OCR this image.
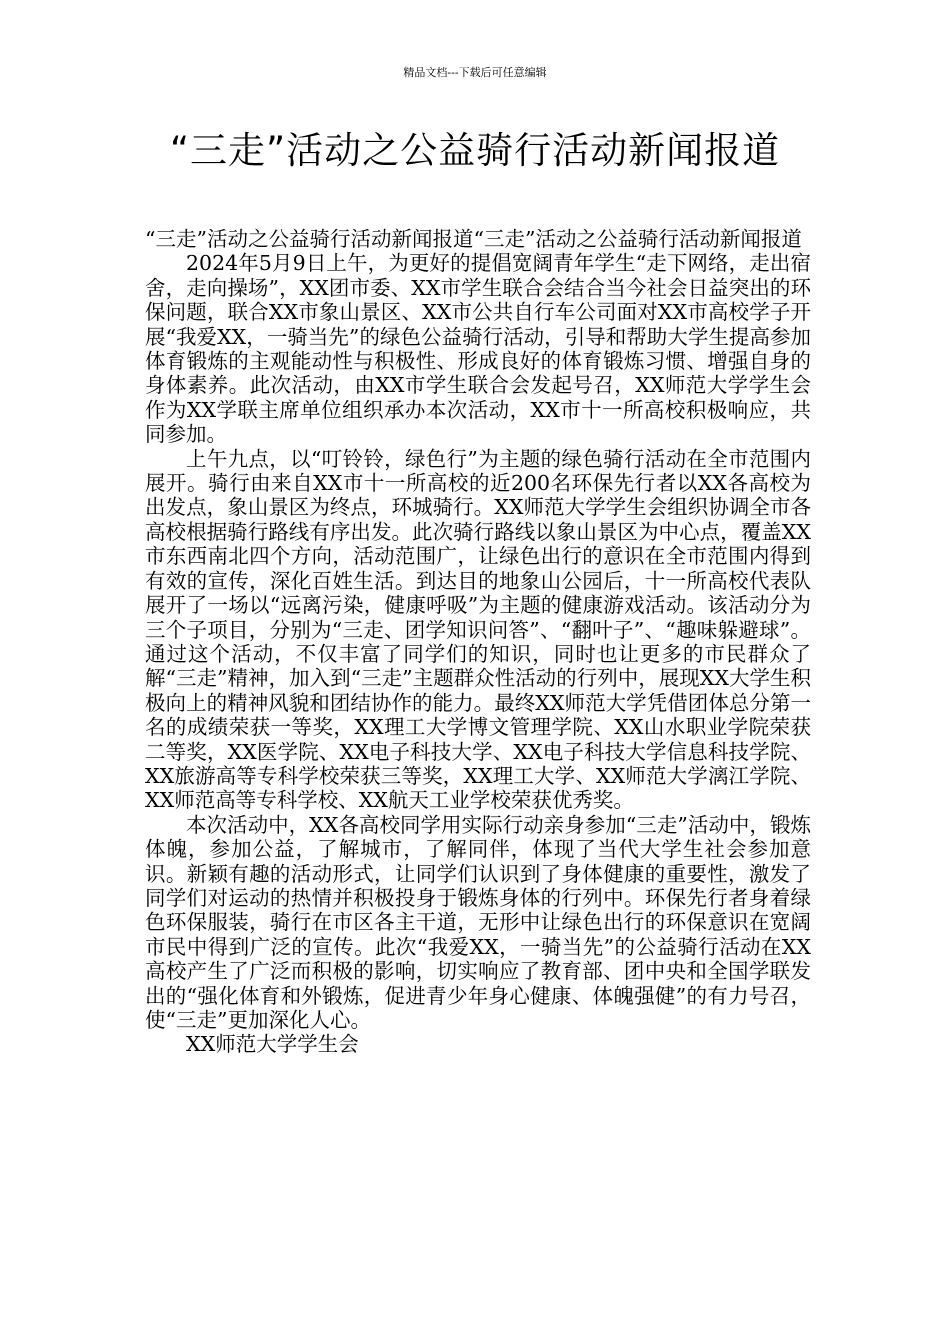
精品文档---下载后可任意编辑
“三走”活动之公益骑行活动新闻报道

“三走”活动之公益骑行活动新闻报道“三走”活动之公益骑行活动新闻报道

2024年5月9日上午，为更好的提倡宽阔青年学生“走下网络，走出宿舍，走向操场”，XX团市委、XX市学生联合会结合当今社会日益突出的环保问题，联合XX市象山景区、XX市公共自行车公司面对XX市高校学子开展“我爱XX，一骑当先”的绿色公益骑行活动，引导和帮助大学生提高参加体育锻炼的主观能动性与积极性、形成良好的体育锻炼习惯、增强自身的身体素养。此次活动，由XX市学生联合会发起号召，XX师范大学学生会作为XX学联主席单位组织承办本次活动，XX市十一所高校积极响应，共同参加。

上午九点，以“叮铃铃，绿色行”为主题的绿色骑行活动在全市范围内展开。骑行由来自XX市十一所高校的近200名环保先行者以XX各高校为出发点，象山景区为终点，环城骑行。XX师范大学学生会组织协调全市各高校根据骑行路线有序出发。此次骑行路线以象山景区为中心点，覆盖XX市东西南北四个方向，活动范围广，让绿色出行的意识在全市范围内得到有效的宣传，深化百姓生活。到达目的地象山公园后，十一所高校代表队展开了一场以“远离污染，健康呼吸”为主题的健康游戏活动。该活动分为三个子项目，分别为“三走、团学知识问答”、“翻叶子”、“趣味躲避球”。通过这个活动，不仅丰富了同学们的知识，同时也让更多的市民群众了解“三走”精神，加入到“三走”主题群众性活动的行列中，展现XX大学生积极向上的精神风貌和团结协作的能力。最终XX师范大学凭借团体总分第一名的成绩荣获一等奖，XX理工大学博文管理学院、XX山水职业学院荣获二等奖，XX医学院、XX电子科技大学、XX电子科技大学信息科技学院、XX旅游高等专科学校荣获三等奖，XX理工大学、XX师范大学漓江学院、XX师范高等专科学校、XX航天工业学校荣获优秀奖。

本次活动中，XX各高校同学用实际行动亲身参加“三走”活动中，锻炼体魄，参加公益，了解城市，了解同伴，体现了当代大学生社会参加意识。新颖有趣的活动形式，让同学们认识到了身体健康的重要性，激发了同学们对运动的热情并积极投身于锻炼身体的行列中。环保先行者身着绿色环保服装，骑行在市区各主干道，无形中让绿色出行的环保意识在宽阔市民中得到广泛的宣传。此次“我爱XX，一骑当先”的公益骑行活动在XX高校产生了广泛而积极的影响，切实响应了教育部、团中央和全国学联发出的“强化体育和外锻炼，促进青少年身心健康、体魄强健”的有力号召，使“三走”更加深化人心。

XX师范大学学生会
